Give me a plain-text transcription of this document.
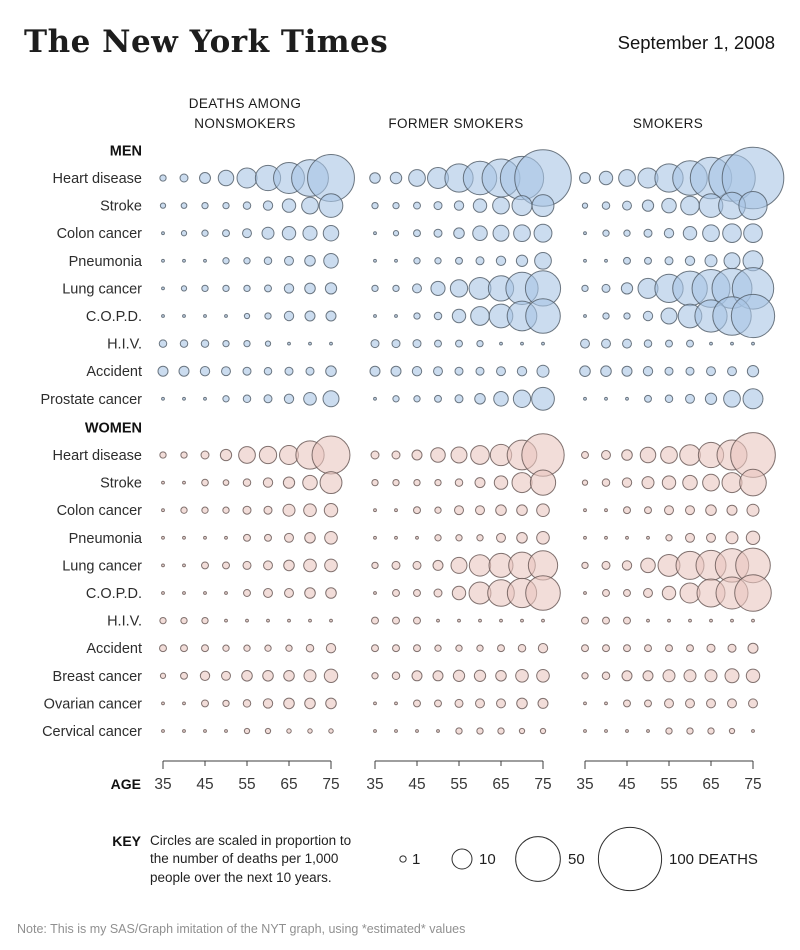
The New York Times	September 1, 2008
DEATHS AMONG
NONSMOKERS	FORMER SMOKERS	SMOKERS
MEN
Heart disease
Stroke
Colon cancer
Pneumonia
Lung cancer
C.O.P.D.
H.I.V.
Accident
Prostate cancer
WOMEN
Heart disease
Stroke
Colon cancer
Pneumonia
Lung cancer
C.O.P.D.
H.I.V.
Accident
Breast cancer
Ovarian cancer
Cervical cancer
35 45 55 65 75 35 45 55 65 75 35 45 55 65 75
1	10	50	100 DEATHS
AGE
KEY Circles are scaled in proportion to
the number of deaths per 1,000
people over the next 10 years.
Note: This is my SAS/Graph imitation of the NYT graph, using *estimated* values
